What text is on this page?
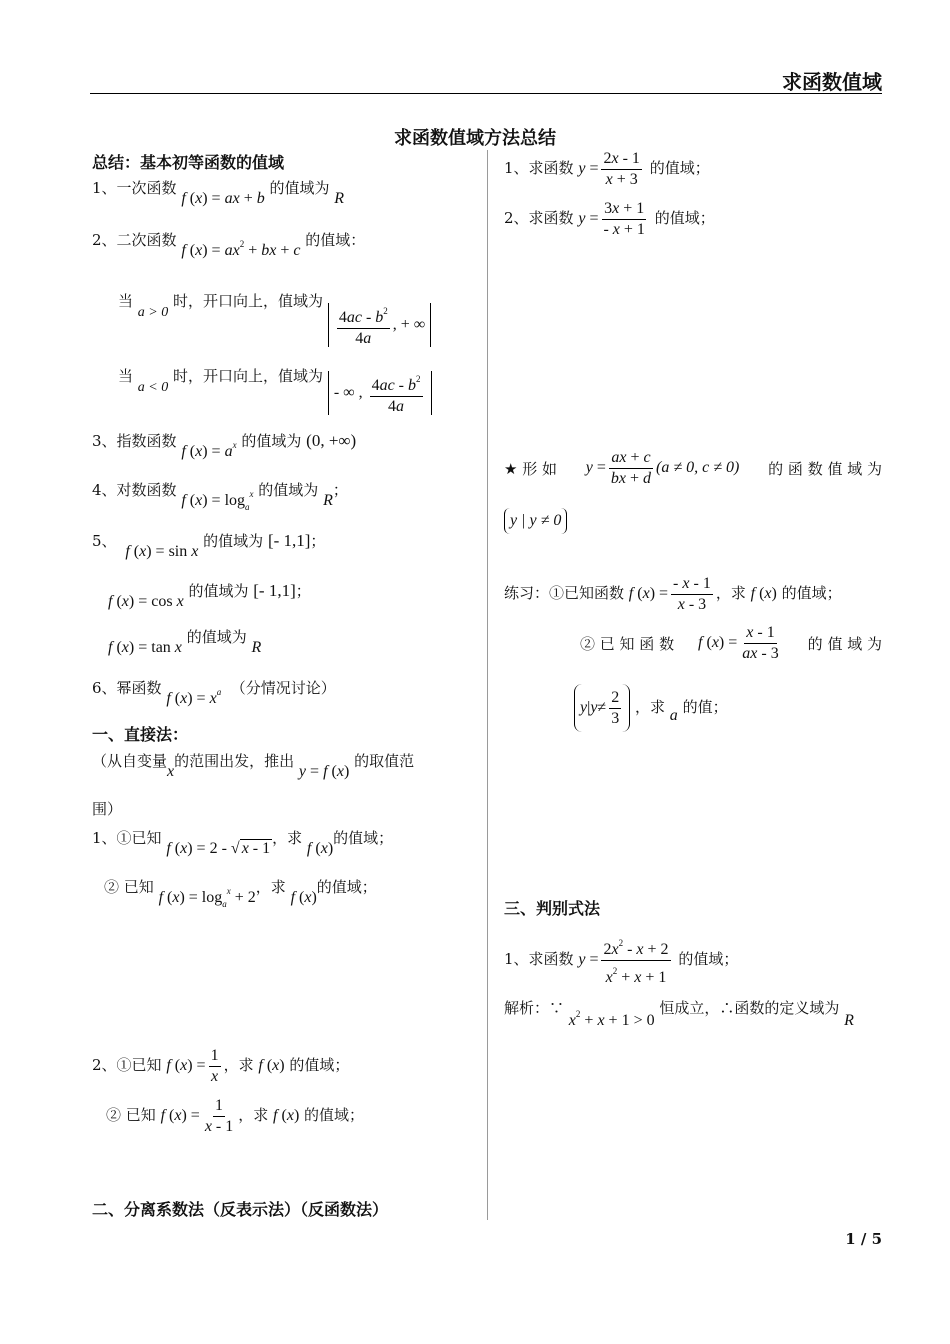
求函数值域
求函数值域方法总结
总结：基本初等函数的值域
1、一次函数 f (x) = ax + b 的值域为 R
2、二次函数 f $(x) = ax^2$ + bx + c 的值域：
当 a > 0 时，开口向上，值域为
$4ac - b^2$
4a
, + ∞
当 a < 0 时，开口向上，值域为 - ∞ , $4ac - b^2$
4a
3、指数函数 f $(x) = a^x$ 的值域为 (0, +∞)
4、对数函数 f $(x) = \log_a^x$ 的值域为 R；
5、  f (x) = sin x 的值域为 [- 1,1]；
f (x) = cos x 的值域为 [- 1,1]；
f (x) = tan x 的值域为 R
6、幂函数 f $(x) = x^a$ （分情况讨论）
一、直接法：
（从自变量x的范围出发，推出 y = f (x) 的取值范
围）
1、①已知 f (x) = 2 - √ x - 1，求 f (x)的值域；
② 已知 f $(x) = \log_a^x + 2$，求 f (x)的值域；
2、①已知 f $(x) = \frac{1}{x}$ ，求 f (x) 的值域；
② 已知 f $(x) = \frac{1}{x - 1}$ ，求 f (x) 的值域；
二、分离系数法（反表示法）（反函数法）
1、求函数 $y = \frac{2x - 1}{x + 3}$ 的值域；
2、求函数 $y = \frac{3x + 1}{- x + 1}$ 的值域；
★ 形 如 $y = \frac{ax + c}{bx + d} (a \ne 0$, c ≠ 0) 的 函 数 值 域 为
y | y ≠ 0
练习：①已知函数 f $(x) = \frac{- x - 1}{x - 3}$ ，求 f (x) 的值域；
② 已 知 函 数 f $(x) = \frac{x - 1}{ax - 3}$ 的 值 域 为
y | y ≠
2
3
，求 a 的值；
三、判别式法
1、求函数 $y = \frac{2x^2 - x + 2}{x^2 + x + 1}$ 的值域；
解析：∵ $x^2 + x + 1 > 0$ 恒成立，∴函数的定义域为 R
1 / 5
